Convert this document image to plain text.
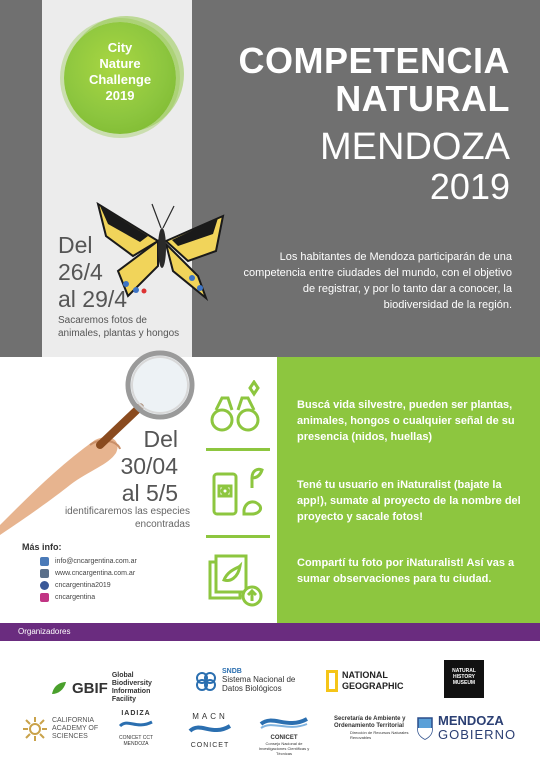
City
Nature
Challenge
2019
COMPETENCIA
NATURAL
MENDOZA
2019
Del
26/4
al 29/4
Sacaremos fotos de animales, plantas y hongos
Los habitantes de Mendoza participarán de una competencia entre ciudades del mundo, con el objetivo de registrar, y por lo tanto dar a conocer, la biodiversidad de la región.
Del
30/04
al 5/5
identificaremos las especies encontradas
Buscá vida silvestre, pueden ser plantas, animales, hongos o cualquier señal de su presencia (nidos, huellas)
Tené tu usuario en iNaturalist (bajate la app!), sumate al proyecto de la nombre del proyecto y sacale fotos!
Compartí tu foto por iNaturalist! Así vas a sumar observaciones para tu ciudad.
Más info:
info@cncargentina.com.ar
www.cncargentina.com.ar
cncargentina2019
cncargentina
Organizadores
GBIF
Global Biodiversity Information Facility
SNDB
Sistema Nacional de Datos Biológicos
NATIONAL
GEOGRAPHIC
NATURAL
HISTORY
MUSEUM
CALIFORNIA
ACADEMY OF
SCIENCES
IADIZA
CONICET CCT MENDOZA
MACN
CONICET
CONICET
Consejo Nacional de Investigaciones Científicas y Técnicas
Secretaría de Ambiente y
Ordenamiento Territorial
Dirección de Recursos Naturales Renovables
MENDOZA
GOBIERNO
